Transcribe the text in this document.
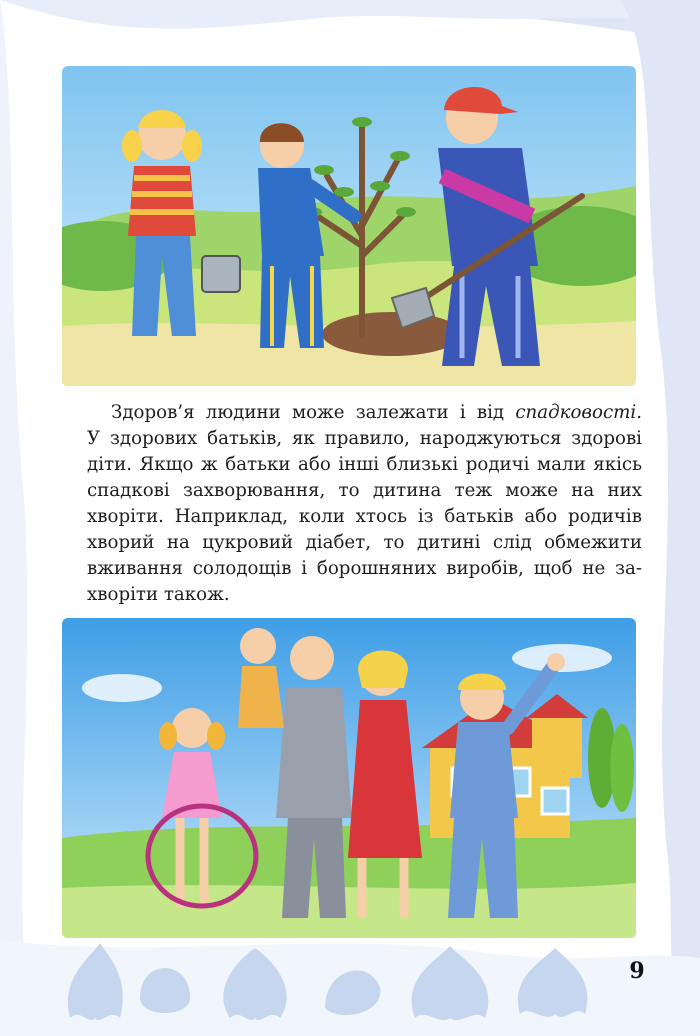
Здоров’я людини може залежати і від спадковості.
У здорових батьків, як правило, народжуються здорові
діти. Якщо ж батьки або інші близькі родичі мали якісь
спадкові захворювання, то дитина теж може на них
хворіти. Наприклад, коли хтось із батьків або родичів
хворий на цукровий діабет, то дитині слід обмежити
вживання солодощів і борошняних виробів, щоб не за-
хворіти також.

9
